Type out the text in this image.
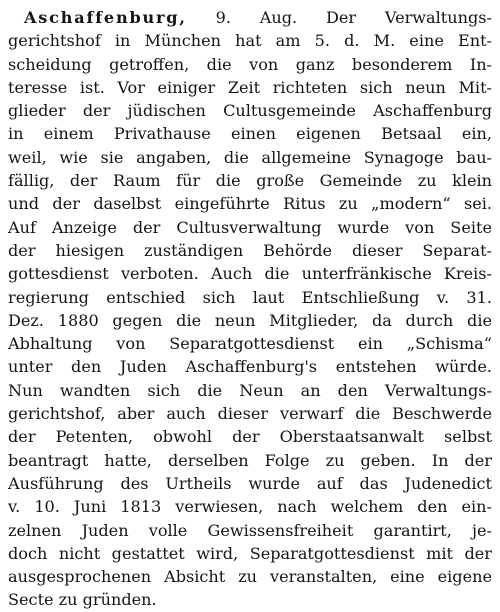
Aschaffenburg, 9. Aug. Der Verwaltungs-
gerichtshof in München hat am 5. d. M. eine Ent-
scheidung getroffen, die von ganz besonderem In-
teresse ist. Vor einiger Zeit richteten sich neun Mit-
glieder der jüdischen Cultusgemeinde Aschaffenburg
in einem Privathause einen eigenen Betsaal ein,
weil, wie sie angaben, die allgemeine Synagoge bau-
fällig, der Raum für die große Gemeinde zu klein
und der daselbst eingeführte Ritus zu „modern“ sei.
Auf Anzeige der Cultusverwaltung wurde von Seite
der hiesigen zuständigen Behörde dieser Separat-
gottesdienst verboten. Auch die unterfränkische Kreis-
regierung entschied sich laut Entschließung v. 31.
Dez. 1880 gegen die neun Mitglieder, da durch die
Abhaltung von Separatgottesdienst ein „Schisma“
unter den Juden Aschaffenburg's entstehen würde.
Nun wandten sich die Neun an den Verwaltungs-
gerichtshof, aber auch dieser verwarf die Beschwerde
der Petenten, obwohl der Oberstaatsanwalt selbst
beantragt hatte, derselben Folge zu geben. In der
Ausführung des Urtheils wurde auf das Judenedict
v. 10. Juni 1813 verwiesen, nach welchem den ein-
zelnen Juden volle Gewissensfreiheit garantirt, je-
doch nicht gestattet wird, Separatgottesdienst mit der
ausgesprochenen Absicht zu veranstalten, eine eigene
Secte zu gründen.
